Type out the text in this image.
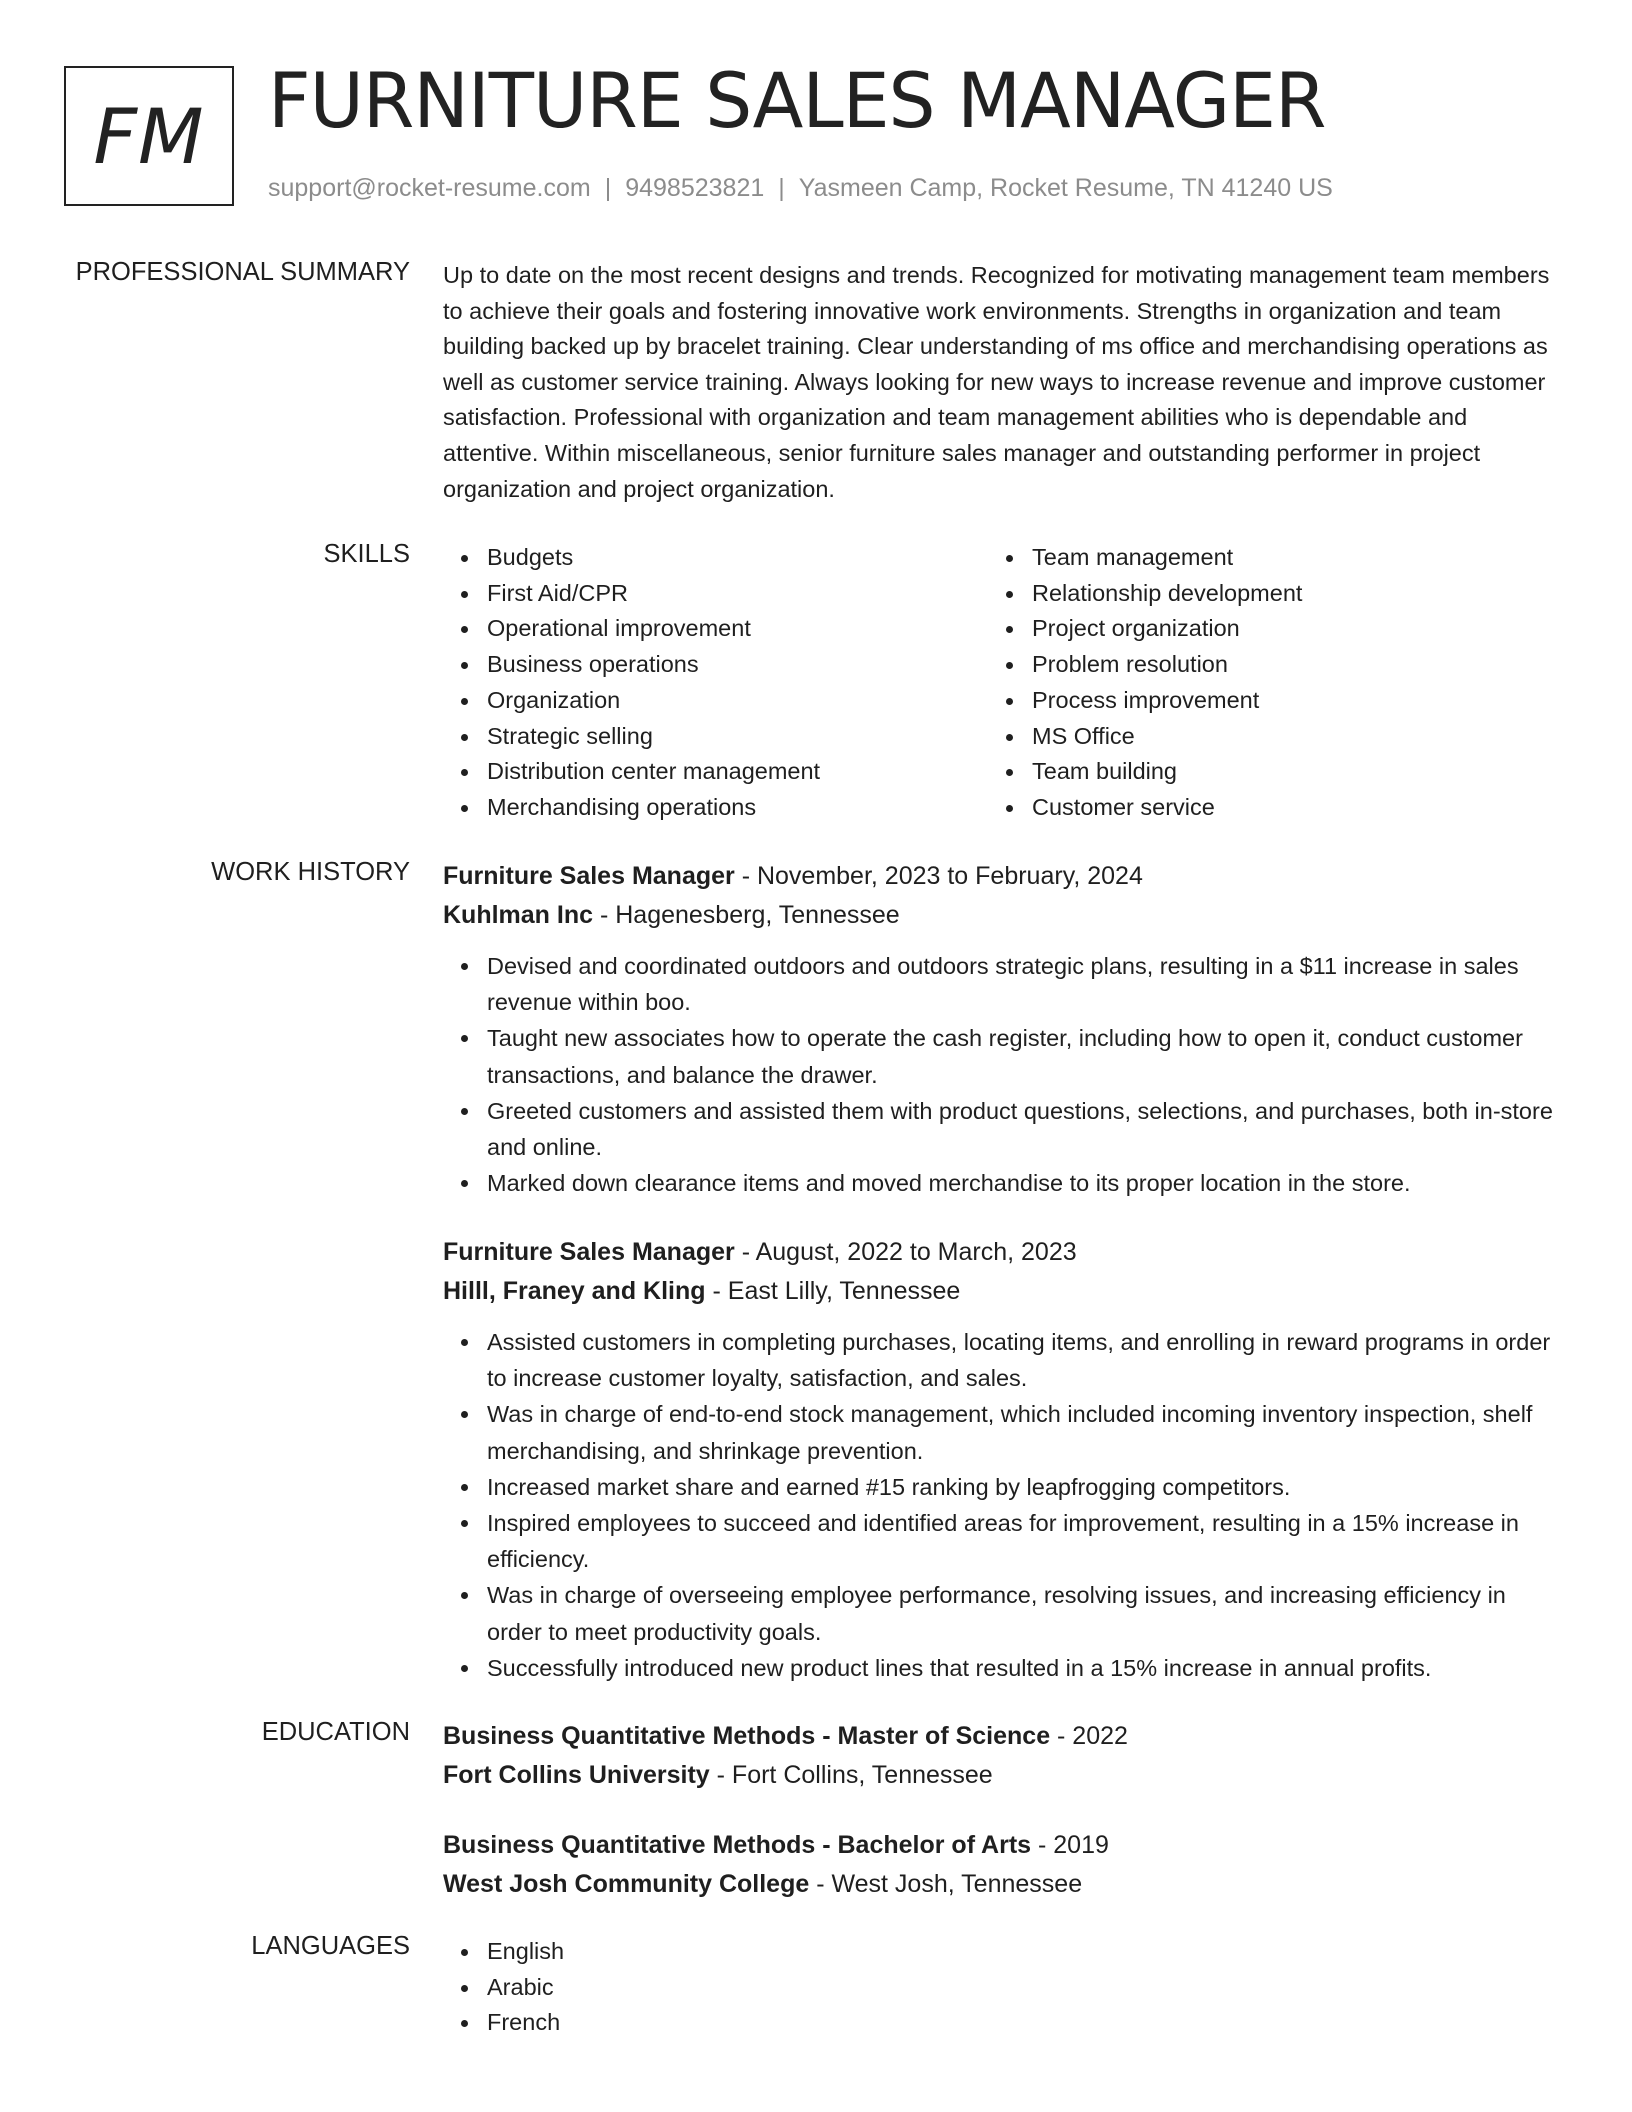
FM FURNITURE SALES MANAGER
support@rocket-resume.com | 9498523821 | Yasmeen Camp, Rocket Resume, TN 41240 US
PROFESSIONAL SUMMARY Up to date on the most recent designs and trends. Recognized for motivating management team members to achieve their goals and fostering innovative work environments. Strengths in organization and team building backed up by bracelet training. Clear understanding of ms office and merchandising operations as well as customer service training. Always looking for new ways to increase revenue and improve customer satisfaction. Professional with organization and team management abilities who is dependable and attentive. Within miscellaneous, senior furniture sales manager and outstanding performer in project organization and project organization.

SKILLS	Budgets
First Aid/CPR
Operational improvement
Business operations
Organization
Strategic selling
Distribution center management
Merchandising operations
Team management
Relationship development
Project organization
Problem resolution
Process improvement
MS Office
Team building
Customer service
WORK HISTORY Furniture Sales Manager - November, 2023 to February, 2024
Kuhlman Inc - Hagenesberg, Tennessee
Devised and coordinated outdoors and outdoors strategic plans, resulting in a $11 increase in sales revenue within boo.
Taught new associates how to operate the cash register, including how to open it, conduct customer transactions, and balance the drawer.
Greeted customers and assisted them with product questions, selections, and purchases, both in-store and online.
Marked down clearance items and moved merchandise to its proper location in the store.
Furniture Sales Manager - August, 2022 to March, 2023
Hilll, Franey and Kling - East Lilly, Tennessee
Assisted customers in completing purchases, locating items, and enrolling in reward programs in order to increase customer loyalty, satisfaction, and sales.
Was in charge of end-to-end stock management, which included incoming inventory inspection, shelf merchandising, and shrinkage prevention.
Increased market share and earned #15 ranking by leapfrogging competitors.
Inspired employees to succeed and identified areas for improvement, resulting in a 15% increase in efficiency.
Was in charge of overseeing employee performance, resolving issues, and increasing efficiency in order to meet productivity goals.
Successfully introduced new product lines that resulted in a 15% increase in annual profits.
EDUCATION Business Quantitative Methods - Master of Science - 2022
Fort Collins University - Fort Collins, Tennessee
Business Quantitative Methods - Bachelor of Arts - 2019
West Josh Community College - West Josh, Tennessee
LANGUAGES	English
Arabic
French
